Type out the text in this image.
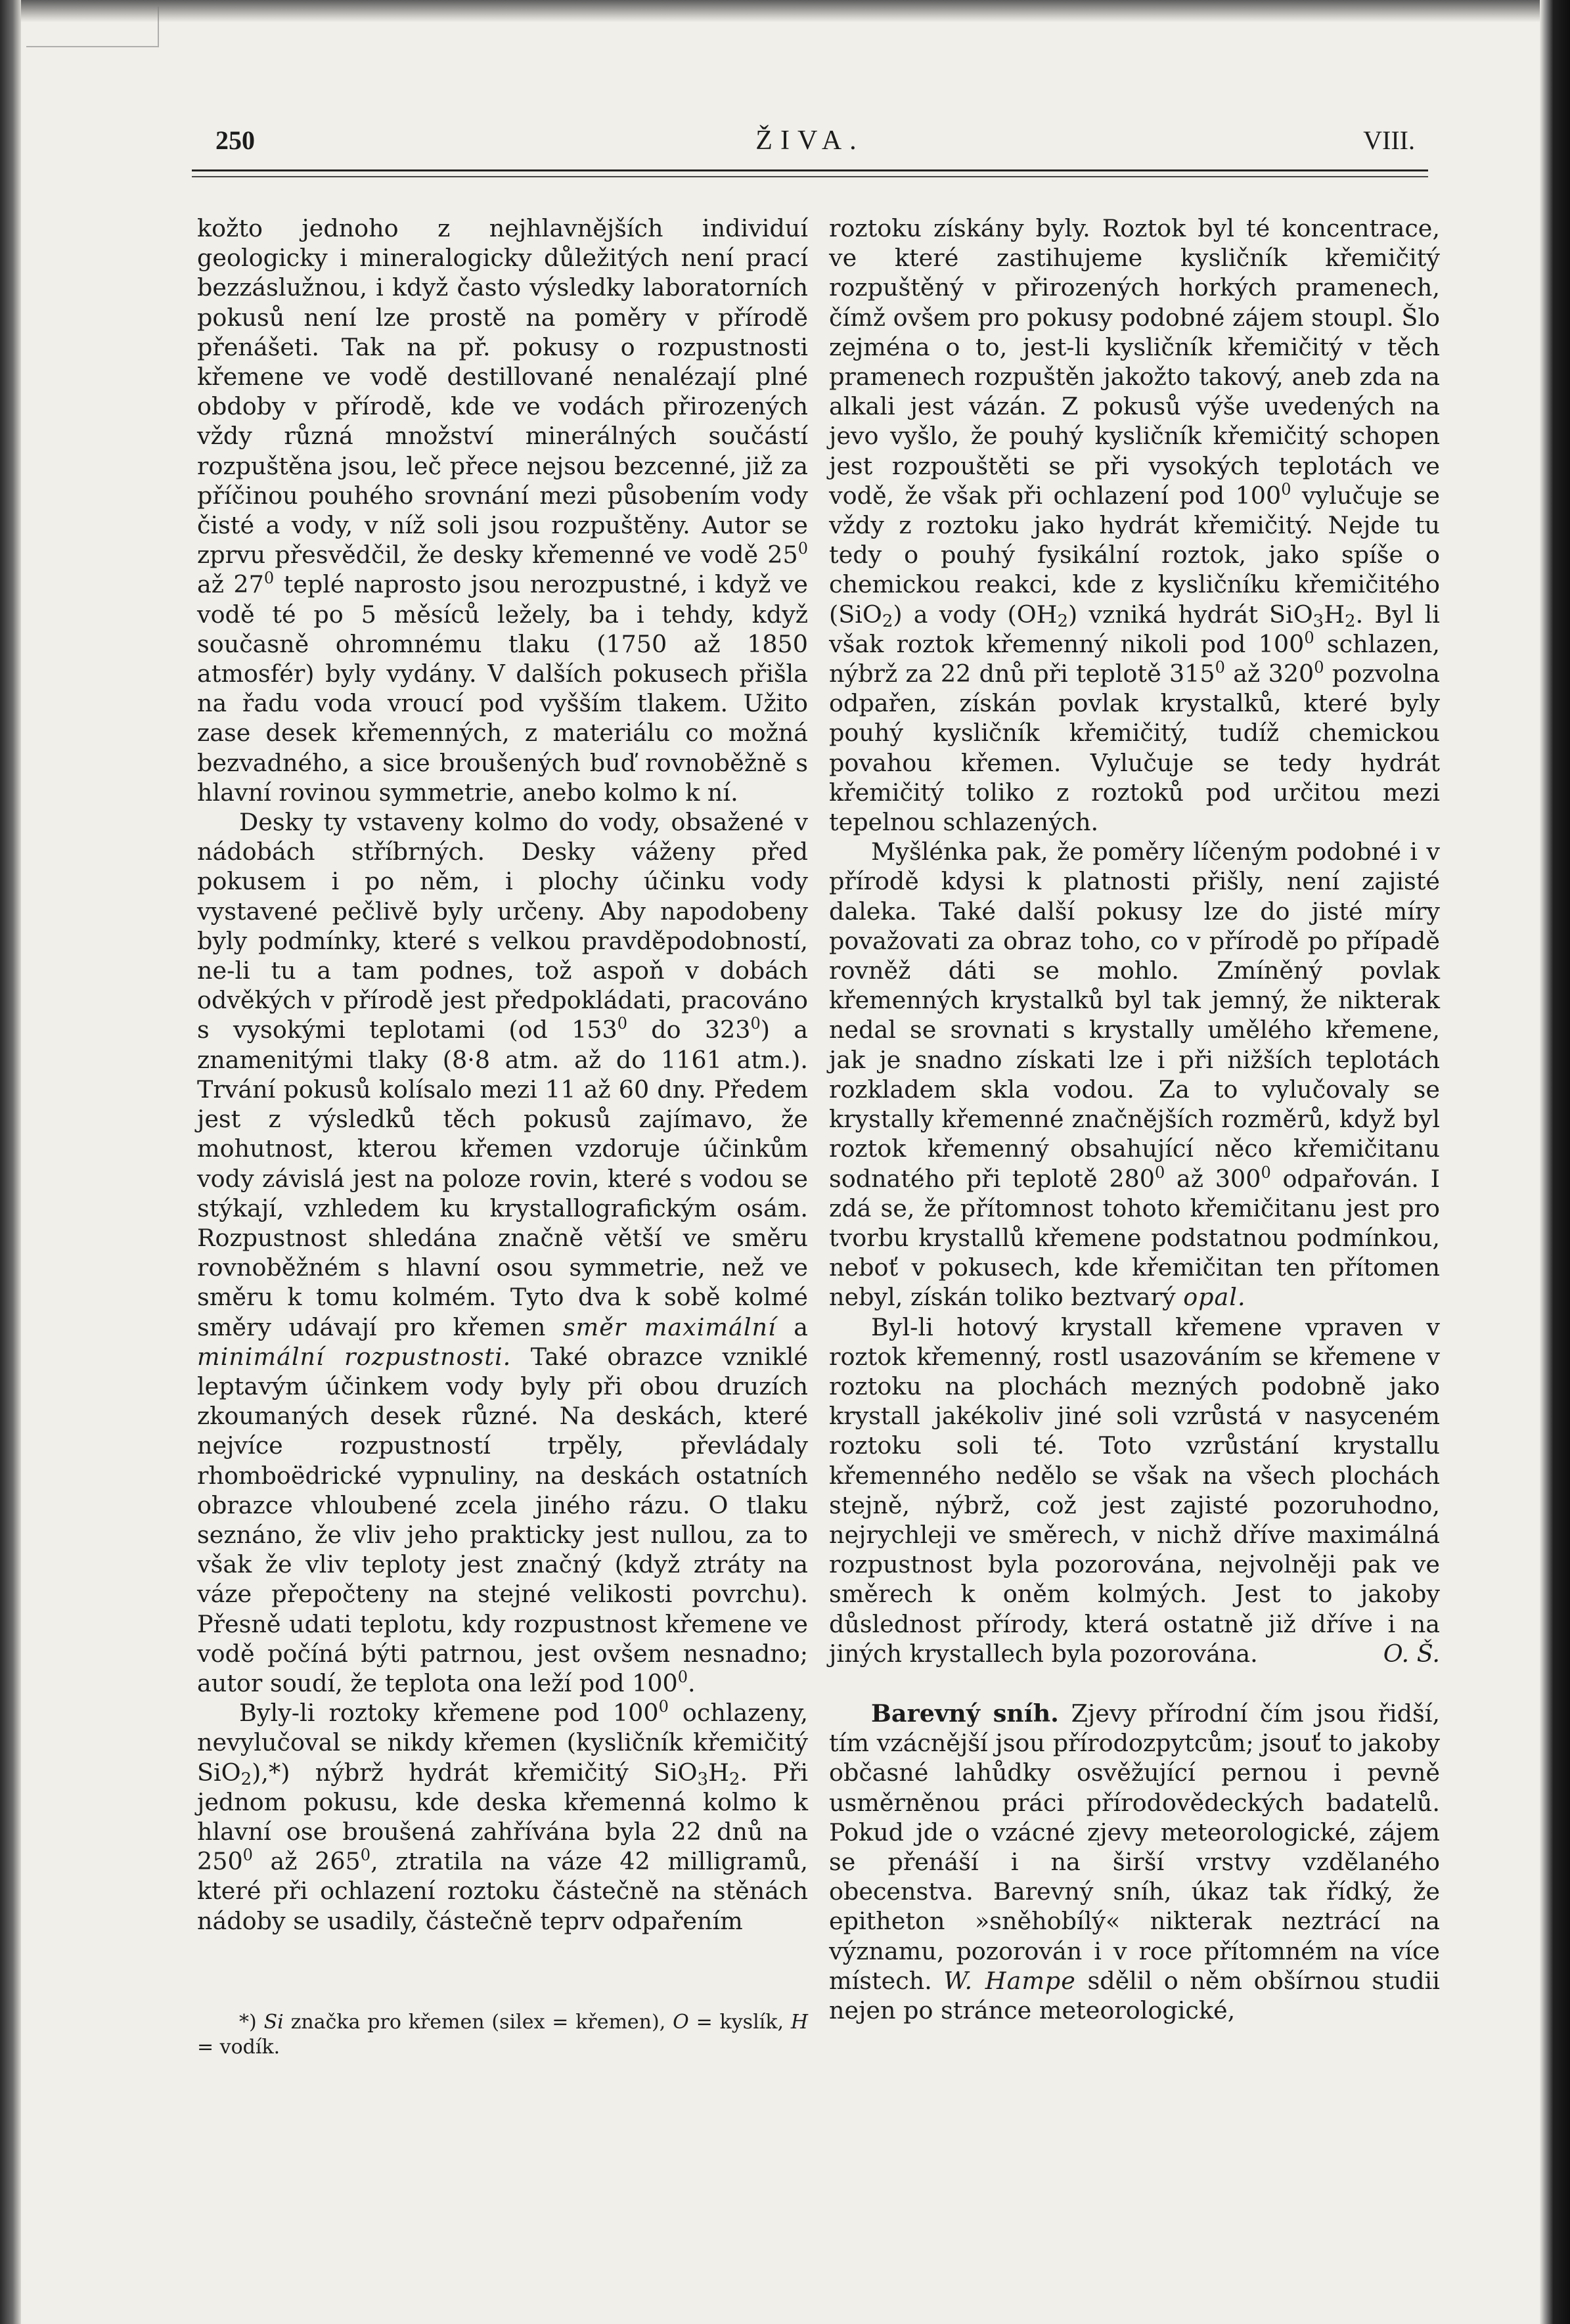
250	ŽIVA.	VIII.

kožto jednoho z nejhlavnějších individuí geologicky i mineralogicky důležitých není prací bezzáslužnou, i když často výsledky laboratorních pokusů není lze prostě na poměry v přírodě přenášeti. Tak na př. pokusy o rozpustnosti křemene ve vodě destillované nenalézají plné obdoby v přírodě, kde ve vodách přirozených vždy různá množství minerálných součástí rozpuštěna jsou, leč přece nejsou bezcenné, již za příčinou pouhého srovnání mezi působením vody čisté a vody, v níž soli jsou rozpuštěny. Autor se zprvu přesvědčil, že desky křemenné ve vodě $25^0$ až $27^0$ teplé naprosto jsou nerozpustné, i když ve vodě té po 5 měsíců ležely, ba i tehdy, když současně ohromnému tlaku (1750 až 1850 atmosfér) byly vydány. V dalších pokusech přišla na řadu voda vroucí pod vyšším tlakem. Užito zase desek křemenných, z materiálu co možná bezvadného, a sice broušených buď rovnoběžně s hlavní rovinou symmetrie, anebo kolmo k ní.

Desky ty vstaveny kolmo do vody, obsažené v nádobách stříbrných. Desky váženy před pokusem i po něm, i plochy účinku vody vystavené pečlivě byly určeny. Aby napodobeny byly podmínky, které s velkou pravděpodobností, ne-li tu a tam podnes, tož aspoň v dobách odvěkých v přírodě jest předpokládati, pracováno s vysokými teplotami (od $153^0$ do $323^0$) a znamenitými tlaky (8·8 atm. až do 1161 atm.). Trvání pokusů kolísalo mezi 11 až 60 dny. Předem jest z výsledků těch pokusů zajímavo, že mohutnost, kterou křemen vzdoruje účinkům vody závislá jest na poloze rovin, které s vodou se stýkají, vzhledem ku krystallografickým osám. Rozpustnost shledána značně větší ve směru rovnoběžném s hlavní osou symmetrie, než ve směru k tomu kolmém. Tyto dva k sobě kolmé směry udávají pro křemen směr maximální a minimální rozpustnosti. Také obrazce vzniklé leptavým účinkem vody byly při obou druzích zkoumaných desek různé. Na deskách, které nejvíce rozpustností trpěly, převládaly rhomboëdrické vypnuliny, na deskách ostatních obrazce vhloubené zcela jiného rázu. O tlaku seznáno, že vliv jeho prakticky jest nullou, za to však že vliv teploty jest značný (když ztráty na váze přepočteny na stejné velikosti povrchu). Přesně udati teplotu, kdy rozpustnost křemene ve vodě počíná býti patrnou, jest ovšem nesnadno; autor soudí, že teplota ona leží pod $100^0$.

Byly-li roztoky křemene pod $100^0$ ochlazeny, nevylučoval se nikdy křemen (kysličník křemičitý SiO$_2$),*) nýbrž hydrát křemičitý $SiO_3H_2$. Při jednom pokusu, kde deska křemenná kolmo k hlavní ose broušená zahřívána byla 22 dnů na $250^0$ až $265^0$, ztratila na váze 42 milligramů, které při ochlazení roztoku částečně na stěnách nádoby se usadily, částečně teprv odpařením

*) Si značka pro křemen (silex = křemen), O = kyslík, H = vodík.

roztoku získány byly. Roztok byl té koncentrace, ve které zastihujeme kysličník křemičitý rozpuštěný v přirozených horkých pramenech, čímž ovšem pro pokusy podobné zájem stoupl. Šlo zejména o to, jest-li kysličník křemičitý v těch pramenech rozpuštěn jakožto takový, aneb zda na alkali jest vázán. Z pokusů výše uvedených na jevo vyšlo, že pouhý kysličník křemičitý schopen jest rozpouštěti se při vysokých teplotách ve vodě, že však při ochlazení pod $100^0$ vylučuje se vždy z roztoku jako hydrát křemičitý. Nejde tu tedy o pouhý fysikální roztok, jako spíše o chemickou reakci, kde z kysličníku křemičitého (SiO$_2$) a vody $(OH_2)$ vzniká hydrát $SiO_3H_2$. Byl li však roztok křemenný nikoli pod $100^0$ schlazen, nýbrž za 22 dnů při teplotě $315^0$ až $320^0$ pozvolna odpařen, získán povlak krystalků, které byly pouhý kysličník křemičitý, tudíž chemickou povahou křemen. Vylučuje se tedy hydrát křemičitý toliko z roztoků pod určitou mezi tepelnou schlazených.

Myšlénka pak, že poměry líčeným podobné i v přírodě kdysi k platnosti přišly, není zajisté daleka. Také další pokusy lze do jisté míry považovati za obraz toho, co v přírodě po případě rovněž dáti se mohlo. Zmíněný povlak křemenných krystalků byl tak jemný, že nikterak nedal se srovnati s krystally umělého křemene, jak je snadno získati lze i při nižších teplotách rozkladem skla vodou. Za to vylučovaly se krystally křemenné značnějších rozměrů, když byl roztok křemenný obsahující něco křemičitanu sodnatého při teplotě $280^0$ až $300^0$ odpařován. I zdá se, že přítomnost tohoto křemičitanu jest pro tvorbu krystallů křemene podstatnou podmínkou, neboť v pokusech, kde křemičitan ten přítomen nebyl, získán toliko beztvarý opal.

Byl-li hotový krystall křemene vpraven v roztok křemenný, rostl usazováním se křemene v roztoku na plochách mezných podobně jako krystall jakékoliv jiné soli vzrůstá v nasyceném roztoku soli té. Toto vzrůstání krystallu křemenného nedělo se však na všech plochách stejně, nýbrž, což jest zajisté pozoruhodno, nejrychleji ve směrech, v nichž dříve maximálná rozpustnost byla pozorována, nejvolněji pak ve směrech k oněm kolmých. Jest to jakoby důslednost přírody, která ostatně již dříve i na jiných krystallech byla pozorována.	O. Š.

Barevný sníh. Zjevy přírodní čím jsou řidší, tím vzácnější jsou přírodozpytcům; jsouť to jakoby občasné lahůdky osvěžující pernou i pevně usměrněnou práci přírodovědeckých badatelů. Pokud jde o vzácné zjevy meteorologické, zájem se přenáší i na širší vrstvy vzdělaného obecenstva. Barevný sníh, úkaz tak řídký, že epitheton »sněhobílý« nikterak neztrácí na významu, pozorován i v roce přítomném na více místech. W. Hampe sdělil o něm obšírnou studii nejen po stránce meteorologické,
